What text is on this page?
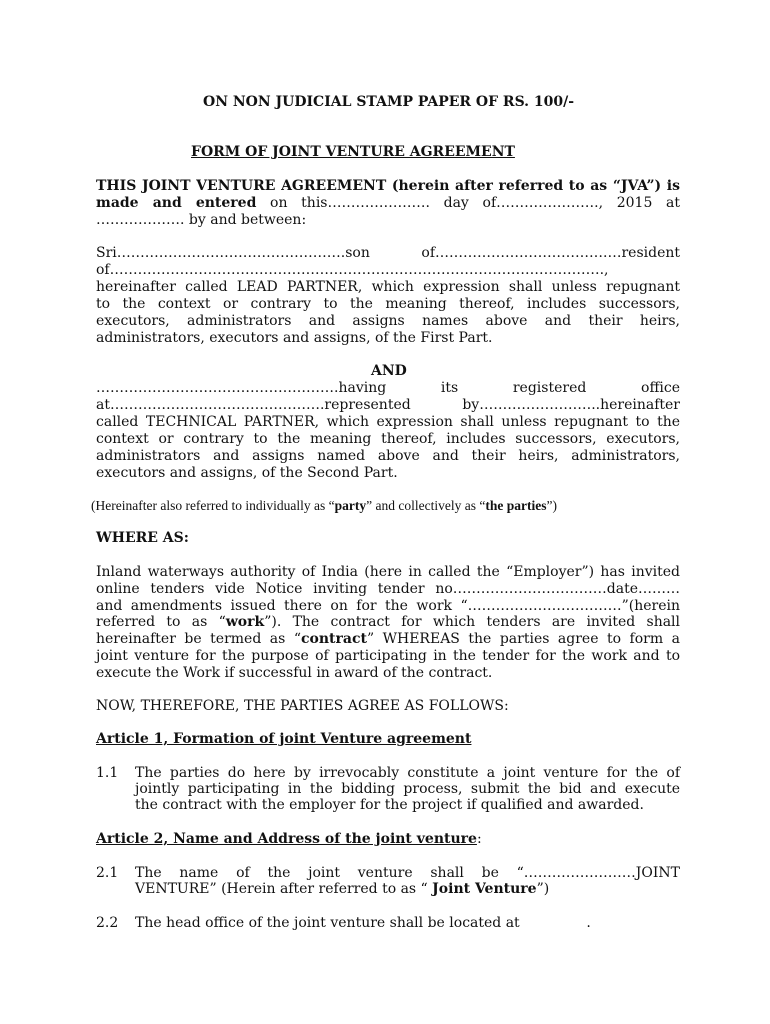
ON NON JUDICIAL STAMP PAPER OF RS. 100/-
FORM OF JOINT VENTURE AGREEMENT
THIS JOINT VENTURE AGREEMENT (herein after referred to as “JVA”) is
made and entered on this…………………. day of…………………., 2015 at
………………. by and between:
Sri………………………………………….son of……………………………….…resident
of…………………………………………………………………………………………….,
hereinafter called LEAD PARTNER, which expression shall unless repugnant
to the context or contrary to the meaning thereof, includes successors,
executors, administrators and assigns names above and their heirs,
administrators, executors and assigns, of the First Part.
AND
…………………………………………….having its registered office
at……………………………………….represented by……………………..hereinafter
called TECHNICAL PARTNER, which expression shall unless repugnant to the
context or contrary to the meaning thereof, includes successors, executors,
administrators and assigns named above and their heirs, administrators,
executors and assigns, of the Second Part.
(Hereinafter also referred to individually as “party” and collectively as “the parties”)
WHERE AS:
Inland waterways authority of India (here in called the “Employer”) has invited
online tenders vide Notice inviting tender no……………………………date………
and amendments issued there on for the work “……………………………”(herein
referred to as “work”). The contract for which tenders are invited shall
hereinafter be termed as “contract” WHEREAS the parties agree to form a
joint venture for the purpose of participating in the tender for the work and to
execute the Work if successful in award of the contract.
NOW, THEREFORE, THE PARTIES AGREE AS FOLLOWS:
Article 1, Formation of joint Venture agreement
1.1 The parties do here by irrevocably constitute a joint venture for the of
jointly participating in the bidding process, submit the bid and execute
the contract with the employer for the project if qualified and awarded.
Article 2, Name and Address of the joint venture:
2.1 The name of the joint venture shall be “……………………JOINT
VENTURE” (Herein after referred to as “ Joint Venture”)
2.2 The head office of the joint venture shall be located at               .
